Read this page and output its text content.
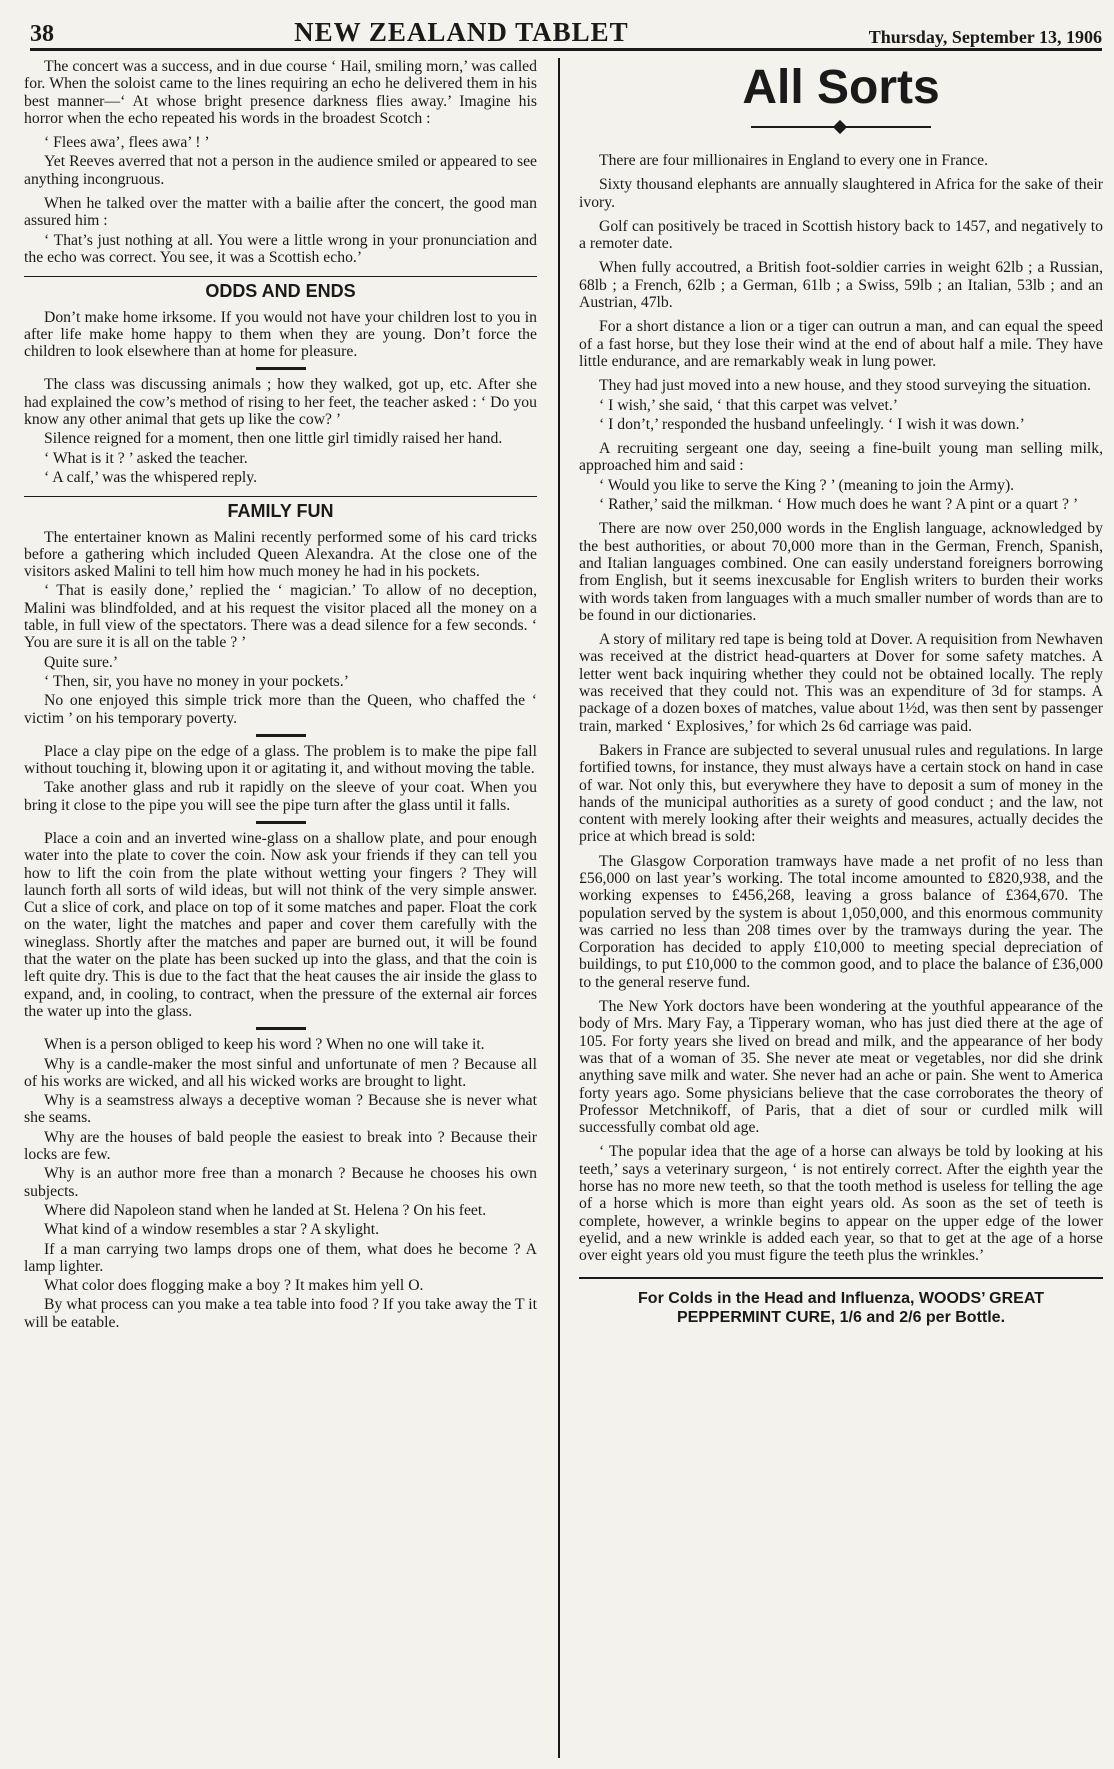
38	NEW ZEALAND TABLET	Thursday, September 13, 1906

The concert was a success, and in due course ‘ Hail, smiling morn,’ was called for. When the soloist came to the lines requiring an echo he delivered them in his best manner—‘ At whose bright presence darkness flies away.’ Imagine his horror when the echo repeated his words in the broadest Scotch :

‘ Flees awa’, flees awa’ ! ’

Yet Reeves averred that not a person in the audience smiled or appeared to see anything incongruous.

When he talked over the matter with a bailie after the concert, the good man assured him :

‘ That’s just nothing at all. You were a little wrong in your pronunciation and the echo was correct. You see, it was a Scottish echo.’

ODDS AND ENDS

Don’t make home irksome. If you would not have your children lost to you in after life make home happy to them when they are young. Don’t force the children to look elsewhere than at home for pleasure.

The class was discussing animals ; how they walked, got up, etc. After she had explained the cow’s method of rising to her feet, the teacher asked : ‘ Do you know any other animal that gets up like the cow? ’

Silence reigned for a moment, then one little girl timidly raised her hand.

‘ What is it ? ’ asked the teacher.

‘ A calf,’ was the whispered reply.

FAMILY FUN

The entertainer known as Malini recently performed some of his card tricks before a gathering which included Queen Alexandra. At the close one of the visitors asked Malini to tell him how much money he had in his pockets.

‘ That is easily done,’ replied the ‘ magician.’ To allow of no deception, Malini was blindfolded, and at his request the visitor placed all the money on a table, in full view of the spectators. There was a dead silence for a few seconds. ‘ You are sure it is all on the table ? ’

Quite sure.’

‘ Then, sir, you have no money in your pockets.’

No one enjoyed this simple trick more than the Queen, who chaffed the ‘ victim ’ on his temporary poverty.

Place a clay pipe on the edge of a glass. The problem is to make the pipe fall without touching it, blowing upon it or agitating it, and without moving the table.

Take another glass and rub it rapidly on the sleeve of your coat. When you bring it close to the pipe you will see the pipe turn after the glass until it falls.

Place a coin and an inverted wine-glass on a shallow plate, and pour enough water into the plate to cover the coin. Now ask your friends if they can tell you how to lift the coin from the plate without wetting your fingers ? They will launch forth all sorts of wild ideas, but will not think of the very simple answer. Cut a slice of cork, and place on top of it some matches and paper. Float the cork on the water, light the matches and paper and cover them carefully with the wineglass. Shortly after the matches and paper are burned out, it will be found that the water on the plate has been sucked up into the glass, and that the coin is left quite dry. This is due to the fact that the heat causes the air inside the glass to expand, and, in cooling, to contract, when the pressure of the external air forces the water up into the glass.

When is a person obliged to keep his word ? When no one will take it.

Why is a candle-maker the most sinful and unfortunate of men ? Because all of his works are wicked, and all his wicked works are brought to light.

Why is a seamstress always a deceptive woman ? Because she is never what she seams.

Why are the houses of bald people the easiest to break into ? Because their locks are few.

Why is an author more free than a monarch ? Because he chooses his own subjects.

Where did Napoleon stand when he landed at St. Helena ? On his feet.

What kind of a window resembles a star ? A skylight.

If a man carrying two lamps drops one of them, what does he become ? A lamp lighter.

What color does flogging make a boy ? It makes him yell O.

By what process can you make a tea table into food ? If you take away the T it will be eatable.

All Sorts

There are four millionaires in England to every one in France.

Sixty thousand elephants are annually slaughtered in Africa for the sake of their ivory.

Golf can positively be traced in Scottish history back to 1457, and negatively to a remoter date.

When fully accoutred, a British foot-soldier carries in weight 62lb ; a Russian, 68lb ; a French, 62lb ; a German, 61lb ; a Swiss, 59lb ; an Italian, 53lb ; and an Austrian, 47lb.

For a short distance a lion or a tiger can outrun a man, and can equal the speed of a fast horse, but they lose their wind at the end of about half a mile. They have little endurance, and are remarkably weak in lung power.

They had just moved into a new house, and they stood surveying the situation.

‘ I wish,’ she said, ‘ that this carpet was velvet.’

‘ I don’t,’ responded the husband unfeelingly. ‘ I wish it was down.’

A recruiting sergeant one day, seeing a fine-built young man selling milk, approached him and said :

‘ Would you like to serve the King ? ’ (meaning to join the Army).

‘ Rather,’ said the milkman. ‘ How much does he want ? A pint or a quart ? ’

There are now over 250,000 words in the English language, acknowledged by the best authorities, or about 70,000 more than in the German, French, Spanish, and Italian languages combined. One can easily understand foreigners borrowing from English, but it seems inexcusable for English writers to burden their works with words taken from languages with a much smaller number of words than are to be found in our dictionaries.

A story of military red tape is being told at Dover. A requisition from Newhaven was received at the district head-quarters at Dover for some safety matches. A letter went back inquiring whether they could not be obtained locally. The reply was received that they could not. This was an expenditure of 3d for stamps. A package of a dozen boxes of matches, value about 1½d, was then sent by passenger train, marked ‘ Explosives,’ for which 2s 6d carriage was paid.

Bakers in France are subjected to several unusual rules and regulations. In large fortified towns, for instance, they must always have a certain stock on hand in case of war. Not only this, but everywhere they have to deposit a sum of money in the hands of the municipal authorities as a surety of good conduct ; and the law, not content with merely looking after their weights and measures, actually decides the price at which bread is sold:

The Glasgow Corporation tramways have made a net profit of no less than £56,000 on last year’s working. The total income amounted to £820,938, and the working expenses to £456,268, leaving a gross balance of £364,670. The population served by the system is about 1,050,000, and this enormous community was carried no less than 208 times over by the tramways during the year. The Corporation has decided to apply £10,000 to meeting special depreciation of buildings, to put £10,000 to the common good, and to place the balance of £36,000 to the general reserve fund.

The New York doctors have been wondering at the youthful appearance of the body of Mrs. Mary Fay, a Tipperary woman, who has just died there at the age of 105. For forty years she lived on bread and milk, and the appearance of her body was that of a woman of 35. She never ate meat or vegetables, nor did she drink anything save milk and water. She never had an ache or pain. She went to America forty years ago. Some physicians believe that the case corroborates the theory of Professor Metchnikoff, of Paris, that a diet of sour or curdled milk will successfully combat old age.

‘ The popular idea that the age of a horse can always be told by looking at his teeth,’ says a veterinary surgeon, ‘ is not entirely correct. After the eighth year the horse has no more new teeth, so that the tooth method is useless for telling the age of a horse which is more than eight years old. As soon as the set of teeth is complete, however, a wrinkle begins to appear on the upper edge of the lower eyelid, and a new wrinkle is added each year, so that to get at the age of a horse over eight years old you must figure the teeth plus the wrinkles.’

For Colds in the Head and Influenza, WOODS’ GREAT
PEPPERMINT CURE, 1/6 and 2/6 per Bottle.
